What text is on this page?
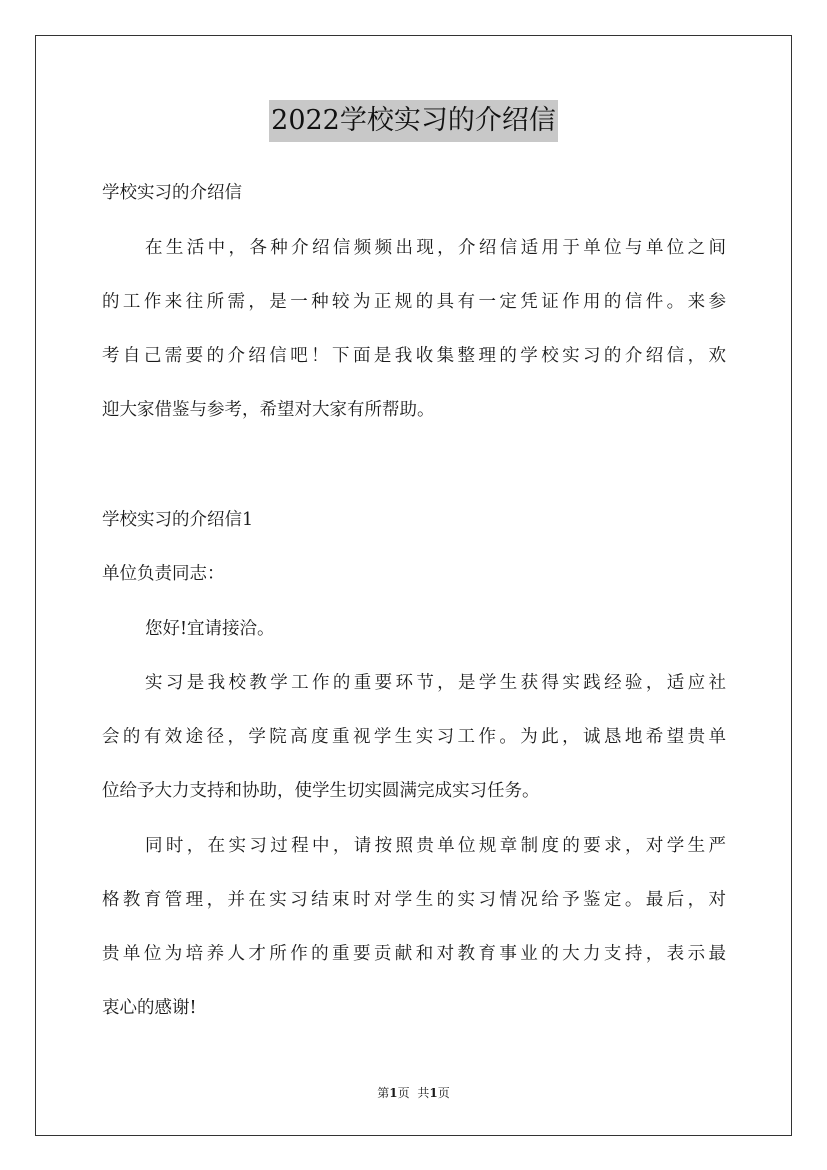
2022学校实习的介绍信
学校实习的介绍信
在生活中，各种介绍信频频出现，介绍信适用于单位与单位之间
的工作来往所需，是一种较为正规的具有一定凭证作用的信件。来参
考自己需要的介绍信吧！下面是我收集整理的学校实习的介绍信，欢
迎大家借鉴与参考，希望对大家有所帮助。
学校实习的介绍信1
单位负责同志：
您好!宜请接洽。
实习是我校教学工作的重要环节，是学生获得实践经验，适应社
会的有效途径，学院高度重视学生实习工作。为此，诚恳地希望贵单
位给予大力支持和协助，使学生切实圆满完成实习任务。
同时，在实习过程中，请按照贵单位规章制度的要求，对学生严
格教育管理，并在实习结束时对学生的实习情况给予鉴定。最后，对
贵单位为培养人才所作的重要贡献和对教育事业的大力支持，表示最
衷心的感谢!
第1页 共1页
